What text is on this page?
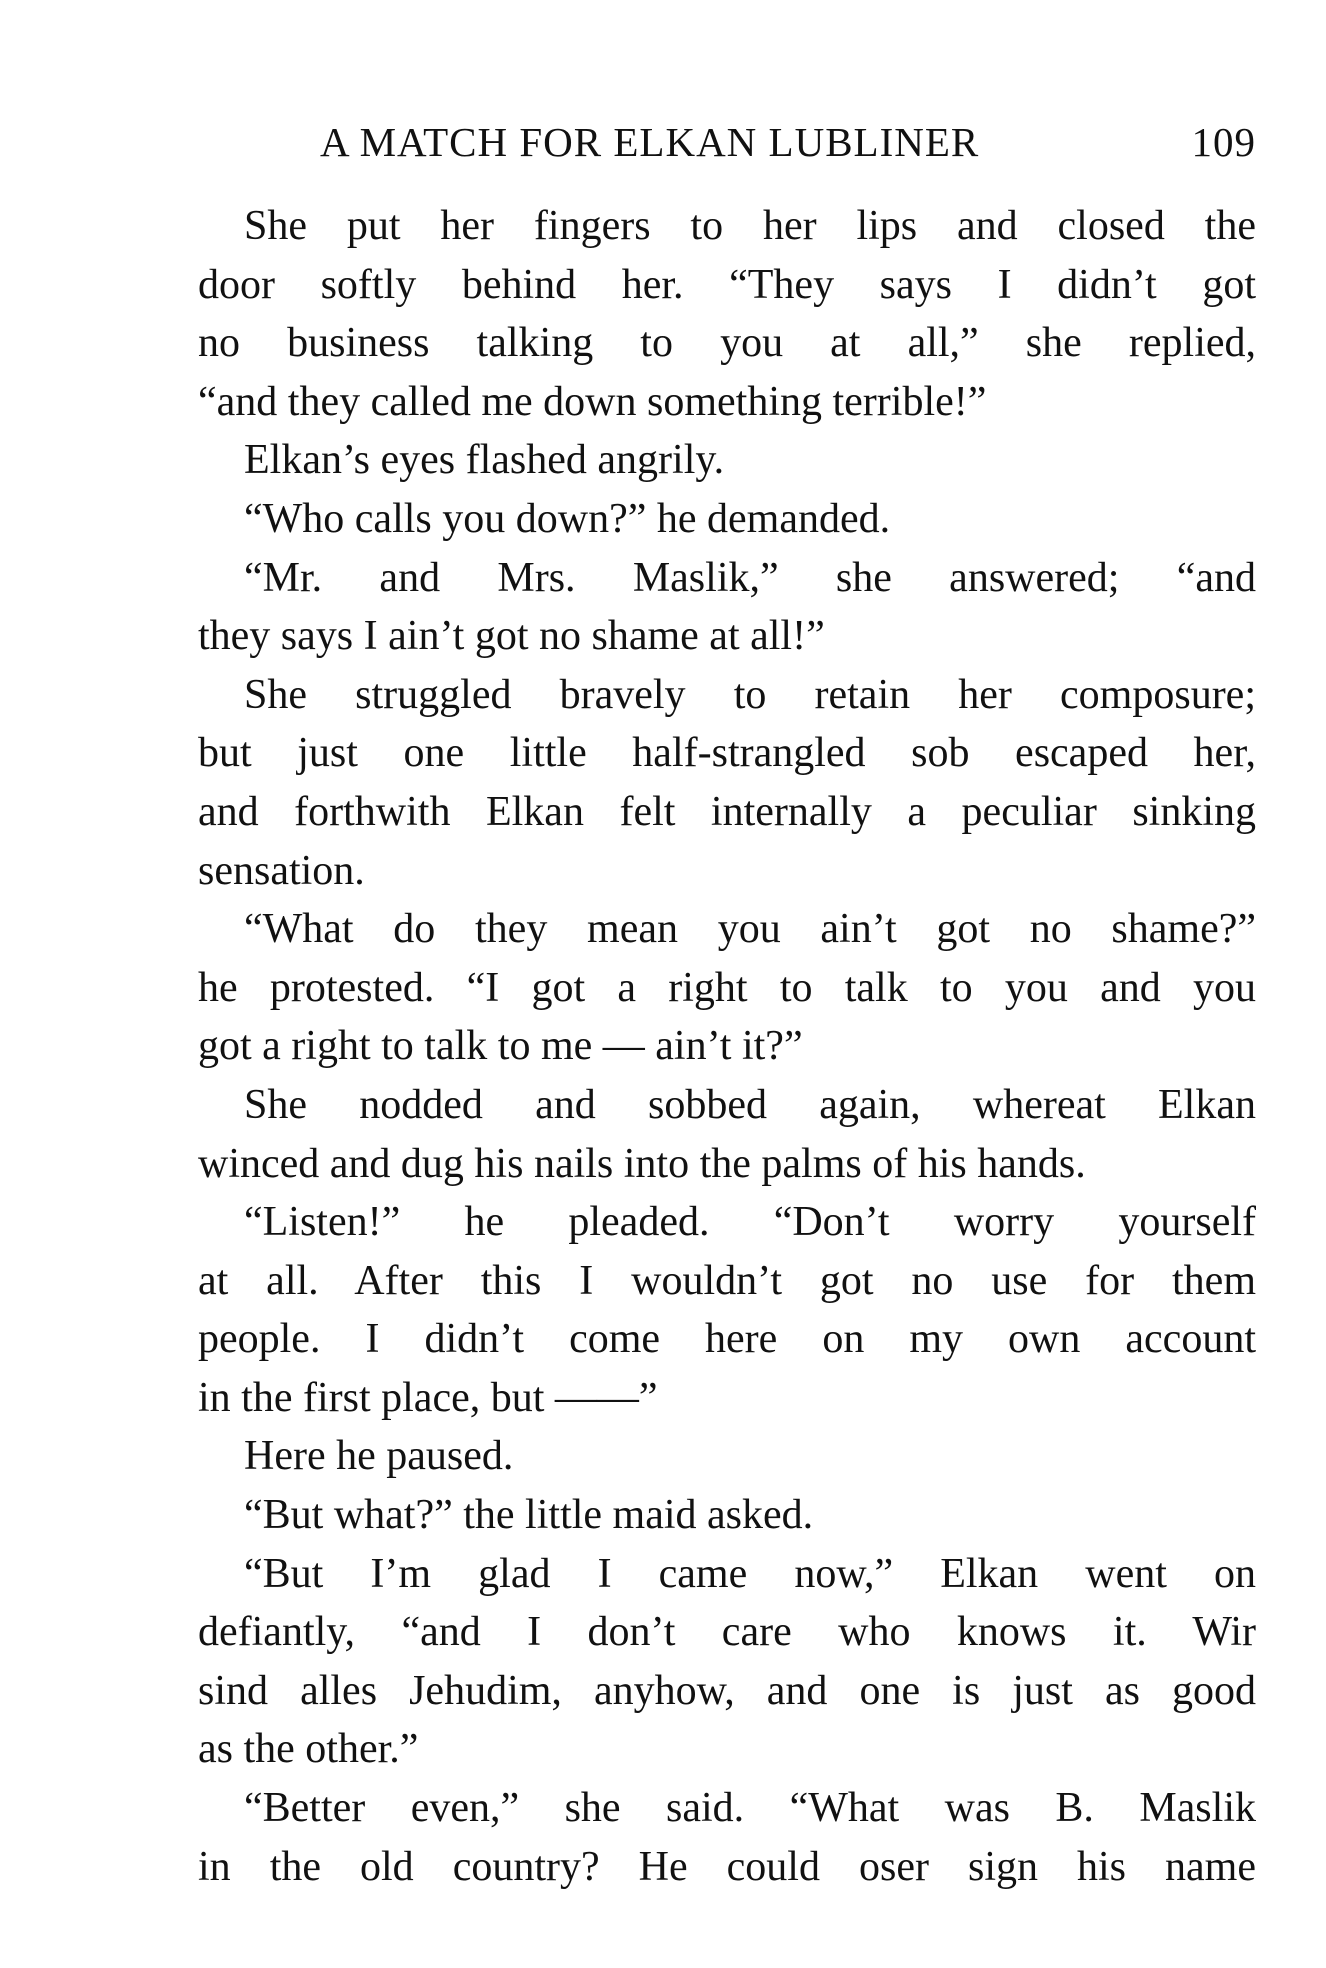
A MATCH FOR ELKAN LUBLINER	109
She put her fingers to her lips and closed the
door softly behind her. “They says I didn’t got
no business talking to you at all,” she replied,
“and they called me down something terrible!”
Elkan’s eyes flashed angrily.
“Who calls you down?” he demanded.
“Mr. and Mrs. Maslik,” she answered; “and
they says I ain’t got no shame at all!”
She struggled bravely to retain her composure;
but just one little half-strangled sob escaped her,
and forthwith Elkan felt internally a peculiar sinking
sensation.
“What do they mean you ain’t got no shame?”
he protested. “I got a right to talk to you and you
got a right to talk to me — ain’t it?”
She nodded and sobbed again, whereat Elkan
winced and dug his nails into the palms of his hands.
“Listen!” he pleaded. “Don’t worry yourself
at all. After this I wouldn’t got no use for them
people. I didn’t come here on my own account
in the first place, but ——”
Here he paused.
“But what?” the little maid asked.
“But I’m glad I came now,” Elkan went on
defiantly, “and I don’t care who knows it. Wir
sind alles Jehudim, anyhow, and one is just as good
as the other.”
“Better even,” she said. “What was B. Maslik
in the old country? He could oser sign his name
